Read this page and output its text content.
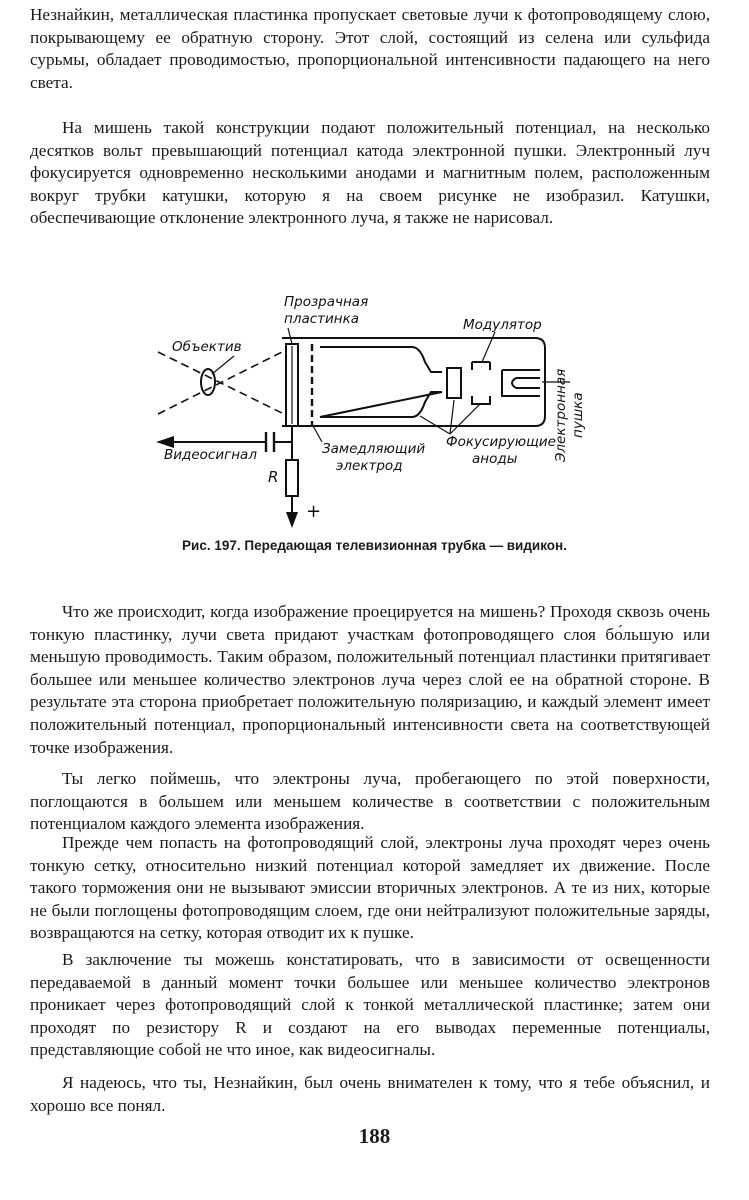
Незнайкин, металлическая пластинка пропускает световые лучи к фотопроводящему слою, покрывающему ее обратную сторону. Этот слой, состоящий из селена или сульфида сурьмы, обладает проводимостью, пропорциональной интенсивности падающего на него света.

На мишень такой конструкции подают положительный потенциал, на несколько десятков вольт превышающий потенциал катода электронной пушки. Электронный луч фокусируется одновременно несколькими анодами и магнитным полем, расположенным вокруг трубки катушки, которую я на своем рисунке не изобразил. Катушки, обеспечивающие отклонение электронного луча, я также не нарисовал.

Прозрачная
пластинка	Модулятор
Объектив
Электронная пушка
Видеосигнал	Замедляющий
электрод
Фокусирующие
аноды
R
+
Рис. 197. Передающая телевизионная трубка — видикон.

Что же происходит, когда изображение проецируется на мишень? Проходя сквозь очень тонкую пластинку, лучи света придают участкам фотопроводящего слоя бо́льшую или меньшую проводимость. Таким образом, положительный потенциал пластинки притягивает большее или меньшее количество электронов луча через слой ее на обратной стороне. В результате эта сторона приобретает положительную поляризацию, и каждый элемент имеет положительный потенциал, пропорциональный интенсивности света на соответствующей точке изображения.

Ты легко поймешь, что электроны луча, пробегающего по этой поверхности, поглощаются в большем или меньшем количестве в соответствии с положительным потенциалом каждого элемента изображения.

Прежде чем попасть на фотопроводящий слой, электроны луча проходят через очень тонкую сетку, относительно низкий потенциал которой замедляет их движение. После такого торможения они не вызывают эмиссии вторичных электронов. А те из них, которые не были поглощены фотопроводящим слоем, где они нейтрализуют положительные заряды, возвращаются на сетку, которая отводит их к пушке.

В заключение ты можешь констатировать, что в зависимости от освещенности передаваемой в данный момент точки большее или меньшее количество электронов проникает через фотопроводящий слой к тонкой металлической пластинке; затем они проходят по резистору R и создают на его выводах переменные потенциалы, представляющие собой не что иное, как видеосигналы.

Я надеюсь, что ты, Незнайкин, был очень внимателен к тому, что я тебе объяснил, и хорошо все понял.

188
